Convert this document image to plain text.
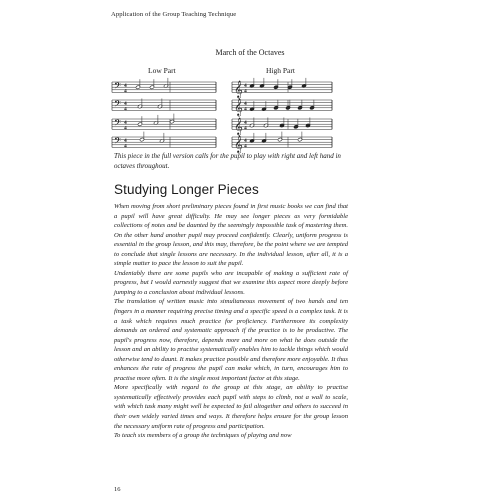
Application of the Group Teaching Technique
March of the Octaves
Low Part	High Part
𝄢 4
4
𝄢 4
4
𝄢 4
4
𝄢 4
4
𝄞 4
4
𝄞 4
4
𝄞 4
4
𝄞 4
4
This piece in the full version calls for the pupil to play with right and left hand in octaves throughout.
Studying Longer Pieces

When moving from short preliminary pieces found in first music books we can find that a pupil will have great difficulty. He may see longer pieces as very formidable collections of notes and be daunted by the seemingly impossible task of mastering them. On the other hand another pupil may proceed confidently. Clearly, uniform progress is essential in the group lesson, and this may, therefore, be the point where we are tempted to conclude that single lessons are necessary. In the individual lesson, after all, it is a simple matter to pace the lesson to suit the pupil.

Undeniably there are some pupils who are incapable of making a sufficient rate of progress, but I would earnestly suggest that we examine this aspect more deeply before jumping to a conclusion about individual lessons.

The translation of written music into simultaneous movement of two hands and ten fingers in a manner requiring precise timing and a specific speed is a complex task. It is a task which requires much practice for proficiency. Furthermore its complexity demands an ordered and systematic approach if the practice is to be productive. The pupil's progress now, therefore, depends more and more on what he does outside the lesson and an ability to practise systematically enables him to tackle things which would otherwise tend to daunt. It makes practice possible and therefore more enjoyable. It thus enhances the rate of progress the pupil can make which, in turn, encourages him to practise more often. It is the single most important factor at this stage.

More specifically with regard to the group at this stage, an ability to practise systematically effectively provides each pupil with steps to climb, not a wall to scale, with which task many might well be expected to fail altogether and others to succeed in their own widely varied times and ways. It therefore helps ensure for the group lesson the necessary uniform rate of progress and participation.

To teach six members of a group the techniques of playing and now

16
